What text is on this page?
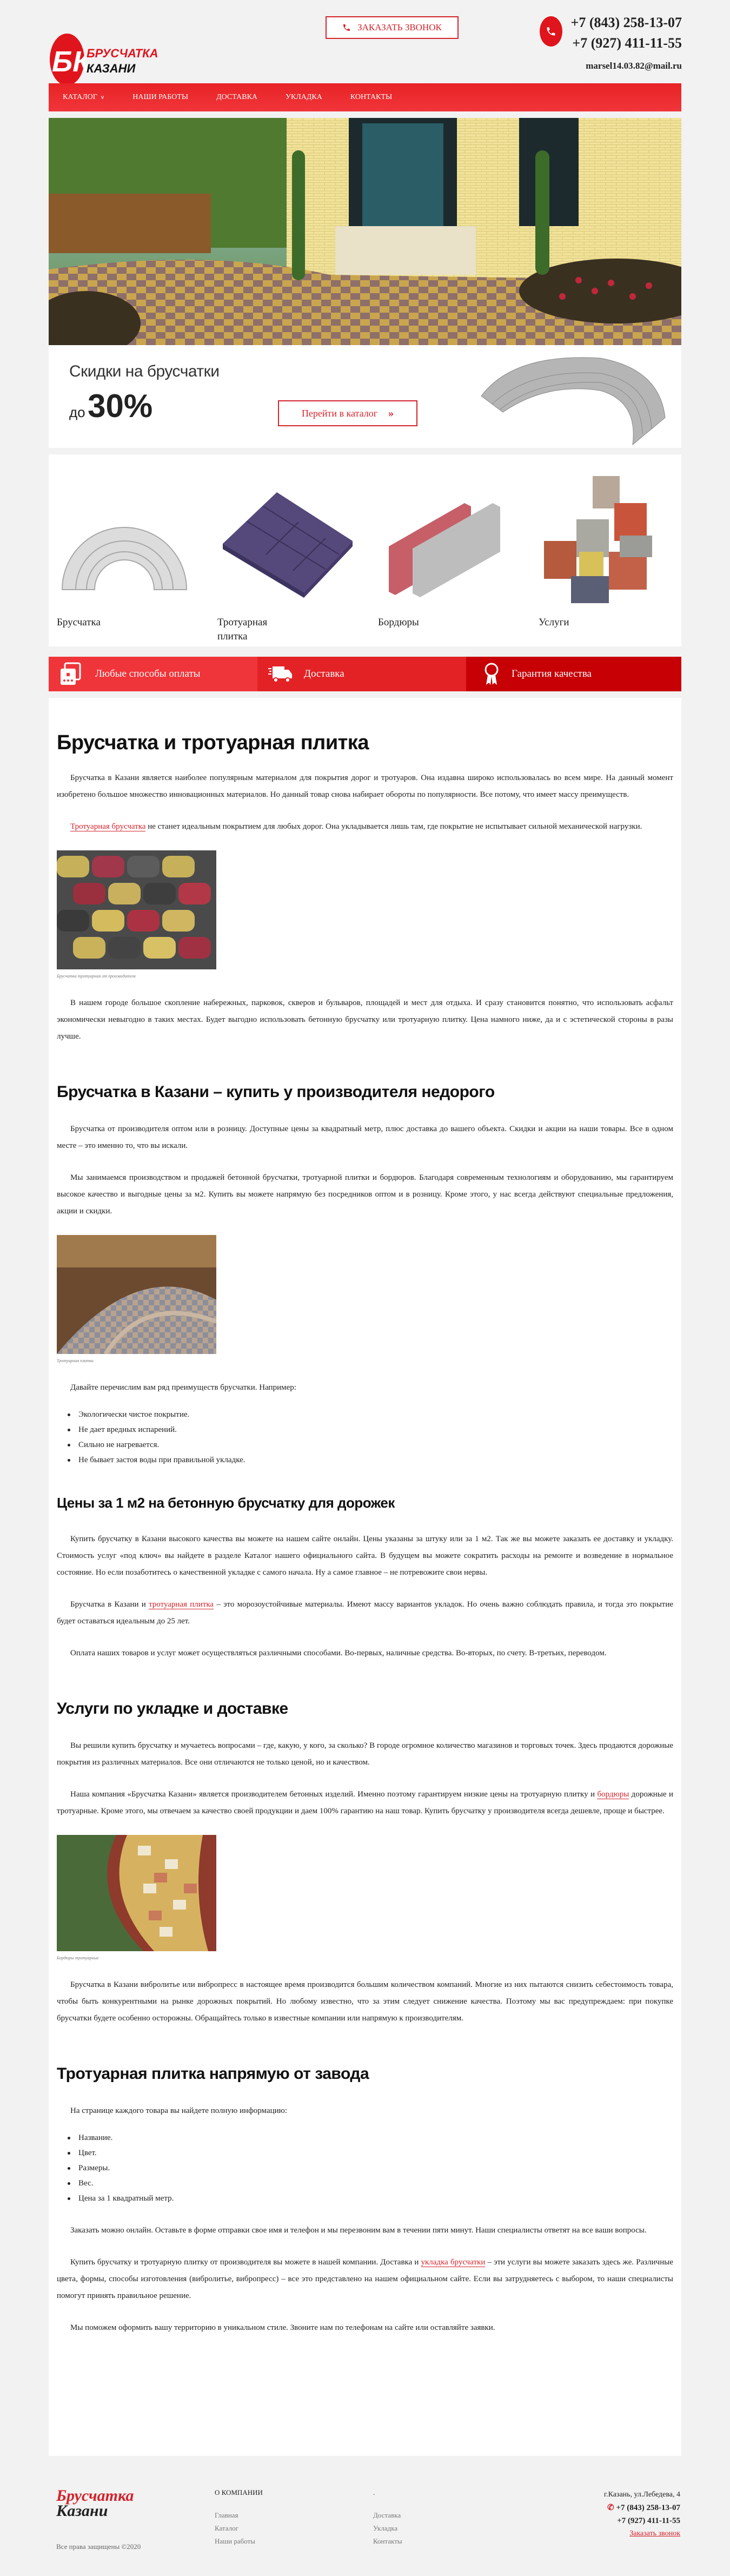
БК
БРУСЧАТКА
КАЗАНИ
ЗАКАЗАТЬ ЗВОНОК	+7 (843) 258-13-07
+7 (927) 411-11-55
marsel14.03.82@mail.ru
КАТАЛОГ ∨	НАШИ РАБОТЫ	ДОСТАВКА	УКЛАДКА	КОНТАКТЫ
Скидки на брусчатки
до 30%	Перейти в каталог »
Брусчатка	Тротуарная плитка
Бордюры	Услуги
Любые способы оплаты	Доставка	Гарантия качества
Брусчатка и тротуарная плитка

Брусчатка в Казани является наиболее популярным материалом для покрытия дорог и тротуаров. Она издавна широко использовалась во всем мире. На данный момент изобретено большое множество инновационных материалов. Но данный товар снова набирает обороты по популярности. Все потому, что имеет массу преимуществ.

Тротуарная брусчатка не станет идеальным покрытием для любых дорог. Она укладывается лишь там, где покрытие не испытывает сильной механической нагрузки.

Брусчатка тротуарная от производителя

В нашем городе большое скопление набережных, парковок, скверов и бульваров, площадей и мест для отдыха. И сразу становится понятно, что использовать асфальт экономически невыгодно в таких местах. Будет выгодно использовать бетонную брусчатку или тротуарную плитку. Цена намного ниже, да и с эстетической стороны в разы лучше.

Брусчатка в Казани – купить у производителя недорого

Брусчатка от производителя оптом или в розницу. Доступные цены за квадратный метр, плюс доставка до вашего объекта. Скидки и акции на наши товары. Все в одном месте – это именно то, что вы искали.

Мы занимаемся производством и продажей бетонной брусчатки, тротуарной плитки и бордюров. Благодаря современным технологиям и оборудованию, мы гарантируем высокое качество и выгодные цены за м2. Купить вы можете напрямую без посредников оптом и в розницу. Кроме этого, у нас всегда действуют специальные предложения, акции и скидки.

Тротуарная плитка
Давайте перечислим вам ряд преимуществ брусчатки. Например:
Экологически чистое покрытие.
Не дает вредных испарений.
Сильно не нагревается.
Не бывает застоя воды при правильной укладке.
Цены за 1 м2 на бетонную брусчатку для дорожек

Купить брусчатку в Казани высокого качества вы можете на нашем сайте онлайн. Цены указаны за штуку или за 1 м2. Так же вы можете заказать ее доставку и укладку. Стоимость услуг «под ключ» вы найдете в разделе Каталог нашего официального сайта. В будущем вы можете сократить расходы на ремонте и возведение в нормальное состояние. Но если позаботитесь о качественной укладке с самого начала. Ну а самое главное – не потревожите свои нервы.

Брусчатка в Казани и тротуарная плитка – это морозоустойчивые материалы. Имеют массу вариантов укладок. Но очень важно соблюдать правила, и тогда это покрытие будет оставаться идеальным до 25 лет.

Оплата наших товаров и услуг может осуществляться различными способами. Во-первых, наличные средства. Во-вторых, по счету. В-третьих, переводом.

Услуги по укладке и доставке

Вы решили купить брусчатку и мучаетесь вопросами – где, какую, у кого, за сколько? В городе огромное количество магазинов и торговых точек. Здесь продаются дорожные покрытия из различных материалов. Все они отличаются не только ценой, но и качеством.

Наша компания «Брусчатка Казани» является производителем бетонных изделий. Именно поэтому гарантируем низкие цены на тротуарную плитку и бордюры дорожные и тротуарные. Кроме этого, мы отвечаем за качество своей продукции и даем 100% гарантию на наш товар. Купить брусчатку у производителя всегда дешевле, проще и быстрее.

Бордюры тротуарные

Брусчатка в Казани вибролитье или вибропресс в настоящее время производится большим количеством компаний. Многие из них пытаются снизить себестоимость товара, чтобы быть конкурентными на рынке дорожных покрытий. Но любому известно, что за этим следует снижение качества. Поэтому мы вас предупреждаем: при покупке брусчатки будете особенно осторожны. Обращайтесь только в известные компании или напрямую к производителям.

Тротуарная плитка напрямую от завода
На странице каждого товара вы найдете полную информацию:
Название.
Цвет.
Размеры.
Вес.
Цена за 1 квадратный метр.

Заказать можно онлайн. Оставьте в форме отправки свое имя и телефон и мы перезвоним вам в течении пяти минут. Наши специалисты ответят на все ваши вопросы.

Купить брусчатку и тротуарную плитку от производителя вы можете в нашей компании. Доставка и укладка брусчатки – эти услуги вы можете заказать здесь же. Различные цвета, формы, способы изготовления (вибролитье, вибропресс) – все это представлено на нашем официальном сайте. Если вы затрудняетесь с выбором, то наши специалисты помогут принять правильное решение.

Мы поможем оформить вашу территорию в уникальном стиле. Звоните нам по телефонам на сайте или оставляйте заявки.

Брусчатка
Казани
Все права защищены ©2020
О КОМПАНИИ
Главная
Каталог
Наши работы
.
Доставка
Укладка
Контакты
г.Казань, ул.Лебедева, 4
✆ +7 (843) 258-13-07
+7 (927) 411-11-55
Заказать звонок
